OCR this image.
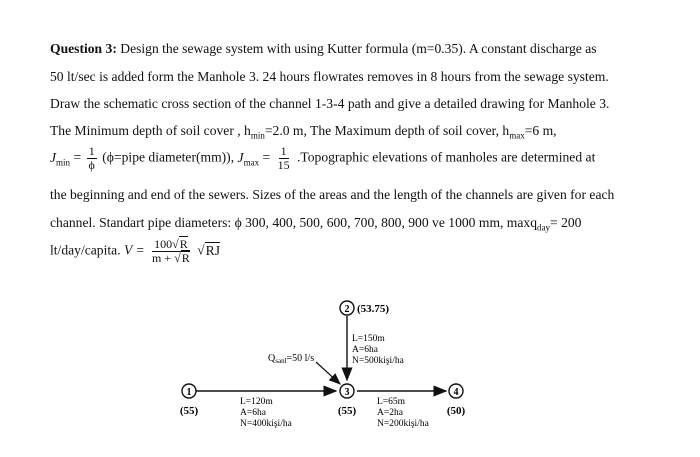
Question 3: Design the sewage system with using Kutter formula (m=0.35). A constant discharge as
50 lt/sec is added form the Manhole 3. 24 hours flowrates removes in 8 hours from the sewage system.
Draw the schematic cross section of the channel 1-3-4 path and give a detailed drawing for Manhole 3.
The Minimum depth of soil cover , $h_{min}=2.0$ m, The Maximum depth of soil cover, $h_{max}=6$ m,
$J_{min} = \frac{1}{\phi}$ (ϕ=pipe diameter(mm)), $J_{max} = \frac{1}{15}$ .Topographic elevations of manholes are determined at
the beginning and end of the sewers. Sizes of the areas and the length of the channels are given for each
channel. Standart pipe diameters: ϕ 300, 400, 500, 600, 700, 800, 900 ve 1000 mm, maxq$_{day}$= 200
lt/day/capita. $V = \frac{100√R}{m + √R} √RJ$
1
(55)
2 (53.75)
3
(55)
4
(50)
$Q_{sanl}=50$ l/s
L=120m
A=6ha
N=400kişi/ha
L=150m
A=6ha
N=500kişi/ha
L=65m
A=2ha
N=200kişi/ha
